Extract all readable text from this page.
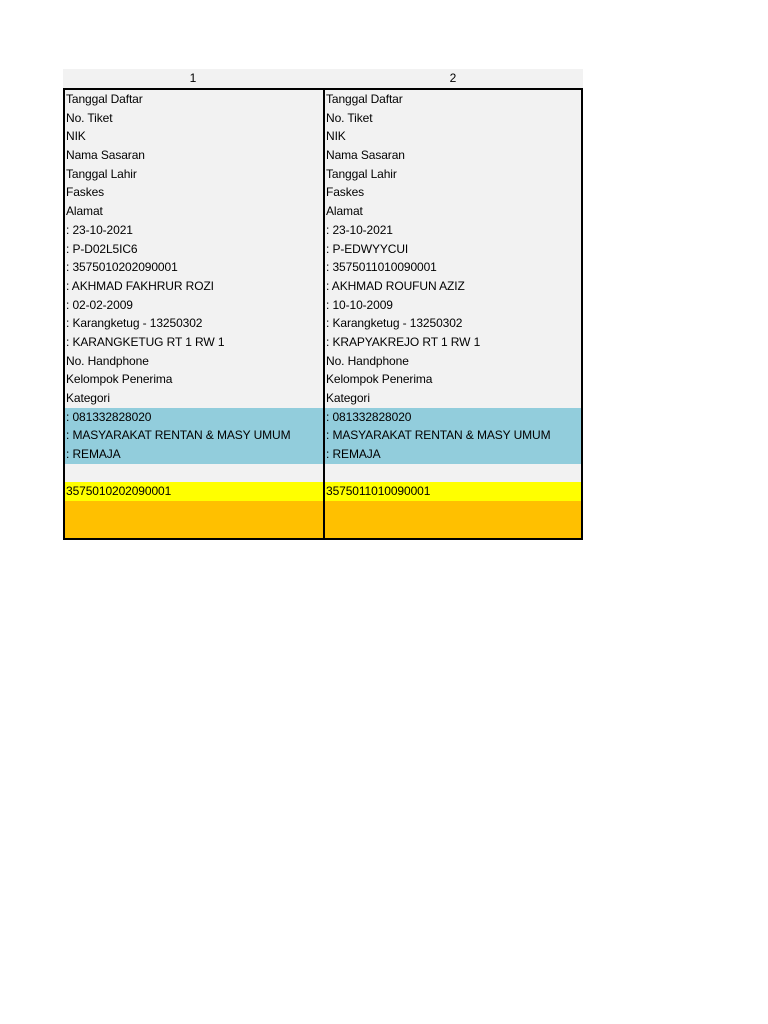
1	2
Tanggal Daftar
No. Tiket
NIK
Nama Sasaran
Tanggal Lahir
Faskes
Alamat
: 23-10-2021
: P-D02L5IC6
: 3575010202090001
: AKHMAD FAKHRUR ROZI
: 02-02-2009
: Karangketug - 13250302
: KARANGKETUG RT 1 RW 1
No. Handphone
Kelompok Penerima
Kategori
: 081332828020
: MASYARAKAT RENTAN & MASY UMUM
: REMAJA
3575010202090001
Tanggal Daftar
No. Tiket
NIK
Nama Sasaran
Tanggal Lahir
Faskes
Alamat
: 23-10-2021
: P-EDWYYCUI
: 3575011010090001
: AKHMAD ROUFUN AZIZ
: 10-10-2009
: Karangketug - 13250302
: KRAPYAKREJO RT 1 RW 1
No. Handphone
Kelompok Penerima
Kategori
: 081332828020
: MASYARAKAT RENTAN & MASY UMUM
: REMAJA
3575011010090001
